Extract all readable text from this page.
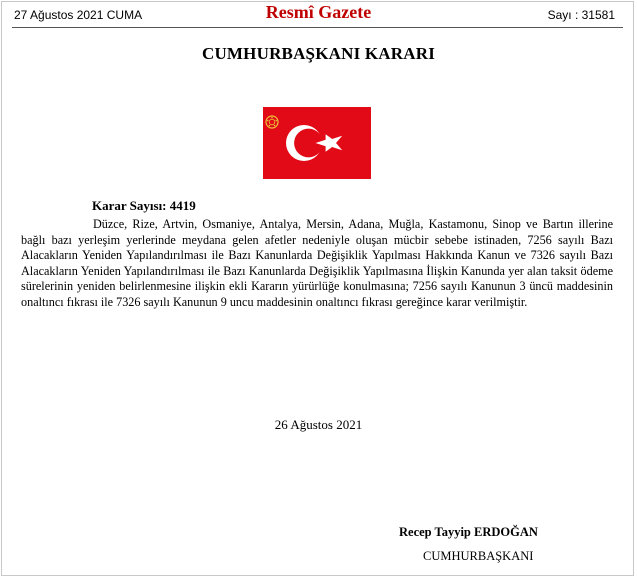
27 Ağustos 2021 CUMA	Resmî Gazete	Sayı : 31581
CUMHURBAŞKANI KARARI
Karar Sayısı: 4419
Düzce, Rize, Artvin, Osmaniye, Antalya, Mersin, Adana, Muğla, Kastamonu, Sinop ve Bartın illerine bağlı bazı yerleşim yerlerinde meydana gelen afetler nedeniyle oluşan mücbir sebebe istinaden, 7256 sayılı Bazı Alacakların Yeniden Yapılandırılması ile Bazı Kanunlarda Değişiklik Yapılması Hakkında Kanun ve 7326 sayılı Bazı Alacakların Yeniden Yapılandırılması ile Bazı Kanunlarda Değişiklik Yapılmasına İlişkin Kanunda yer alan taksit ödeme sürelerinin yeniden belirlenmesine ilişkin ekli Kararın yürürlüğe konulmasına; 7256 sayılı Kanunun 3 üncü maddesinin onaltıncı fıkrası ile 7326 sayılı Kanunun 9 uncu maddesinin onaltıncı fıkrası gereğince karar verilmiştir.
26 Ağustos 2021
Recep Tayyip ERDOĞAN
CUMHURBAŞKANI
